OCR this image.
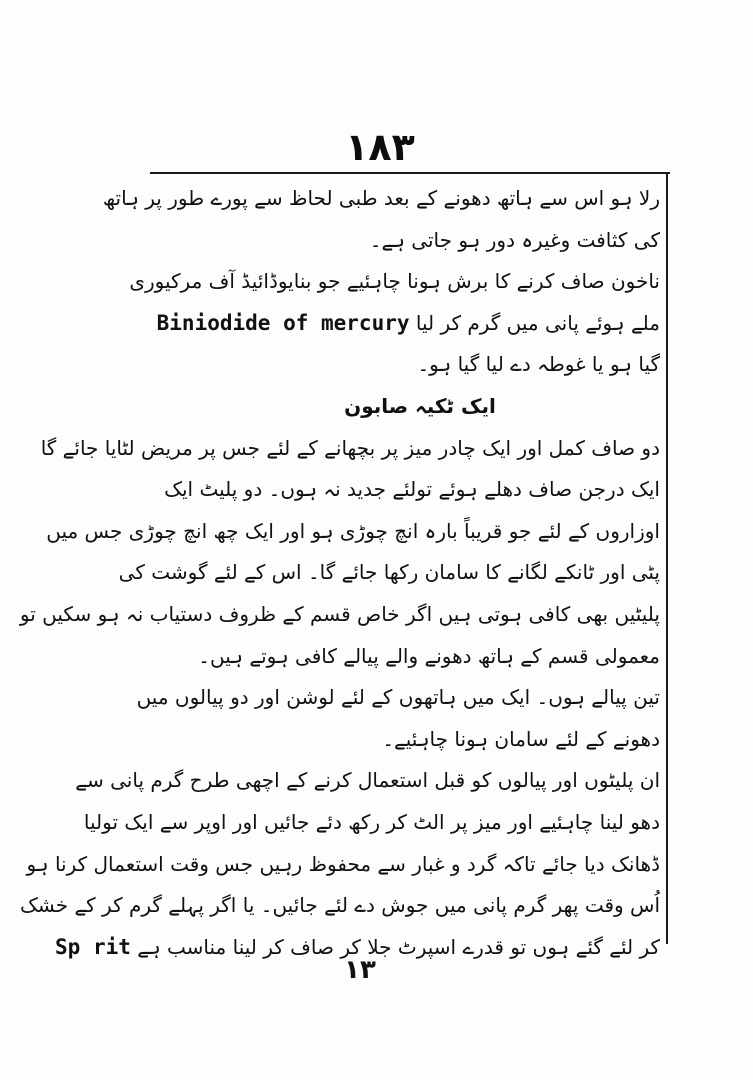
۱۸۳
رلا ہو اس سے ہاتھ دھونے کے بعد طبی لحاظ سے پورے طور پر ہاتھ
کی کثافت وغیرہ دور ہو جاتی ہے۔
ناخون صاف کرنے کا برش ہونا چاہئیے جو بنایوڈائیڈ آف مرکیوری
ملے ہوئے پانی میں گرم کر لیا Biniodide of mercury
گیا ہو یا غوطہ دے لیا گیا ہو۔
ایک ٹکیہ صابون
دو صاف کمل اور ایک چادر میز پر بچھانے کے لئے جس پر مریض لٹایا جائے گا
ایک درجن صاف دھلے ہوئے تولئے جدید نہ ہوں۔ دو پلیٹ ایک
اوزاروں کے لئے جو قریباً بارہ انچ چوڑی ہو اور ایک چھ انچ چوڑی جس میں
پٹی اور ٹانکے لگانے کا سامان رکھا جائے گا۔ اس کے لئے گوشت کی
پلیٹیں بھی کافی ہوتی ہیں اگر خاص قسم کے ظروف دستیاب نہ ہو سکیں تو
معمولی قسم کے ہاتھ دھونے والے پیالے کافی ہوتے ہیں۔
تین پیالے ہوں۔ ایک میں ہاتھوں کے لئے لوشن اور دو پیالوں میں
دھونے کے لئے سامان ہونا چاہئیے۔
ان پلیٹوں اور پیالوں کو قبل استعمال کرنے کے اچھی طرح گرم پانی سے
دھو لینا چاہئیے اور میز پر الٹ کر رکھ دئے جائیں اور اوپر سے ایک تولیا
ڈھانک دیا جائے تاکہ گرد و غبار سے محفوظ رہیں جس وقت استعمال کرنا ہو
اُس وقت پھر گرم پانی میں جوش دے لئے جائیں۔ یا اگر پہلے گرم کر کے خشک
کر لئے گئے ہوں تو قدرے اسپرٹ جلا کر صاف کر لینا مناسب ہے Sp rit
۱۳
